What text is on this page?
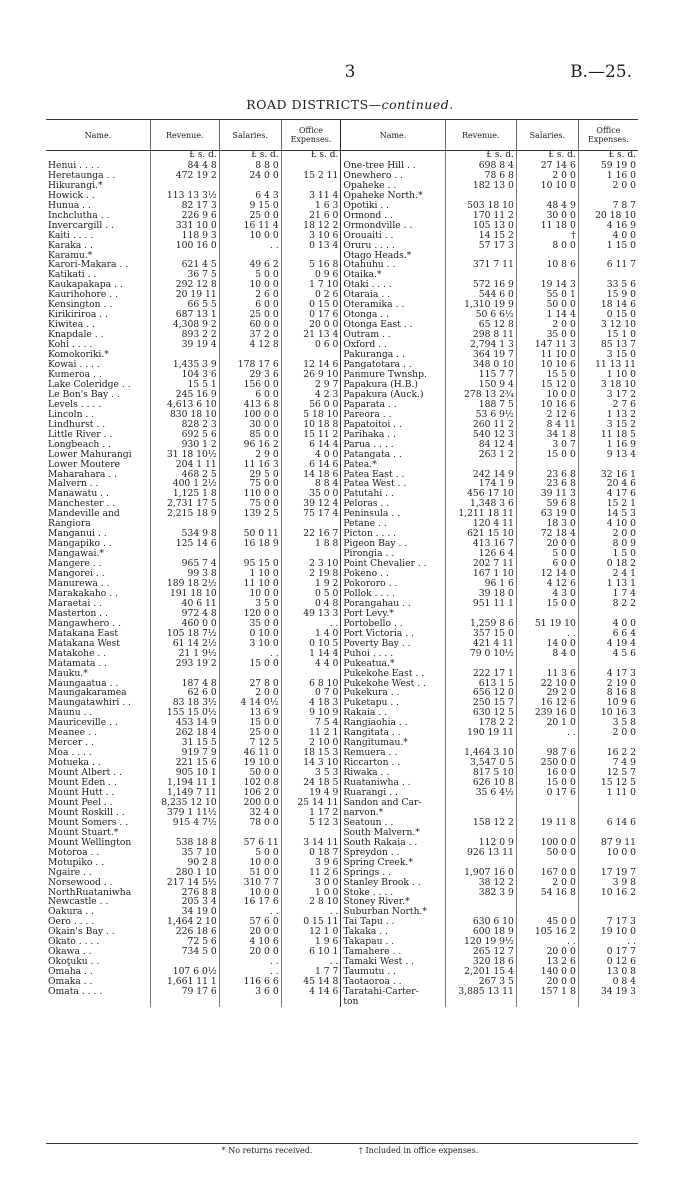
3	B.—25.
ROAD DISTRICTS—continued.
Name.	Revenue.	Salaries.	Office Expenses.	Name.	Revenue.	Salaries.	Office Expenses.
	£ s. d.	£ s. d.	£ s. d.		£ s. d.	£ s. d.	£ s. d.
Henui . . . .	84 4 8	8 8 0		One-tree Hill . .	698 8 4	27 14 6	59 19 0
Heretaunga . .	472 19 2	24 0 0	15 2 11	Onewhero . .	78 6 8	2 0 0	1 16 0
Hikurangi.*				Opaheke . .	182 13 0	10 10 0	2 0 0
Howick . .	113 13 3½	6 4 3	3 11 4	Opaheke North.*			
Hunua . .	82 17 3	9 15 0	1 6 3	Opotiki . .	503 18 10	48 4 9	7 8 7
Inchclutha . .	226 9 6	25 0 0	21 6 0	Ormond . .	170 11 2	30 0 0	20 18 10
Invercargill . .	331 10 0	16 11 4	18 12 2	Ormondville . .	105 13 0	11 18 0	4 16 9
Kaiti . . . .	118 9 3	10 0 0	3 10 6	Orouaiti . .	14 15 2	†	4 0 0
Karaka . .	100 16 0	. .	0 13 4	Oruru . . . .	57 17 3	8 0 0	1 15 0
Karamu.*				Otago Heads.*			
Karori-Makara . .	621 4 5	49 6 2	5 16 8	Otahuhu . .	371 7 11	10 8 6	6 11 7
Katikati . .	36 7 5	5 0 0	0 9 6	Otaika.*			
Kaukapakapa . .	292 12 8	10 0 0	1 7 10	Otaki . . . .	572 16 9	19 14 3	33 5 6
Kaurihohore . .	20 19 11	2 6 0	0 2 6	Otaraia . .	544 6 0	55 0 1	15 9 0
Kensington . .	66 5 5	6 0 0	0 15 0	Oteramika . .	1,310 19 9	50 0 0	18 14 6
Kirikiriroa . .	687 13 1	25 0 0	0 17 6	Otonga . .	50 6 6½	1 14 4	0 15 0
Kiwitea . .	4,308 9 2	60 0 0	20 0 0	Otonga East . .	65 12 8	2 0 0	3 12 10
Knapdale . .	893 2 2	37 2 0	21 13 4	Outram . .	298 8 11	35 0 0	15 1 0
Kohi . . . .	39 19 4	4 12 8	0 6 0	Oxford . .	2,794 1 3	147 11 3	85 13 7
Komokoriki.*				Pakuranga . .	364 19 7	11 10 0	3 15 0
Kowai . . . .	1,435 3 9	178 17 6	12 14 6	Pangatotara . .	348 0 10	10 10 6	11 13 11
Kumeroa . .	104 3 6	29 3 6	26 9 10	Panmure Twnshp.	115 7 7	15 5 0	1 10 0
Lake Coleridge . .	15 5 1	156 0 0	2 9 7	Papakura (H.B.)	150 9 4	15 12 0	3 18 10
Le Bon's Bay . .	245 16 9	6 0 0	4 2 3	Papakura (Auck.)	278 13 2¾	10 0 0	3 17 2
Levels . . . .	4,613 6 10	413 6 8	56 0 0	Paparata . .	188 7 5	10 16 6	2 7 6
Lincoln . .	830 18 10	100 0 0	5 18 10	Pareora . .	53 6 9½	2 12 6	1 13 2
Lindhurst . .	828 2 3	30 0 0	10 18 8	Papatoitoi . .	260 11 2	8 4 11	3 15 2
Little River . .	692 5 6	85 0 0	15 11 2	Parihaka . .	540 12 3	34 1 8	11 18 5
Longbeach . .	930 1 2	96 16 2	6 14 4	Parua . . . .	84 12 4	3 0 7	1 16 9
Lower Mahurangi	31 18 10½	2 9 0	4 0 0	Patangata . .	263 1 2	15 0 0	9 13 4
Lower Moutere	204 1 11	11 16 3	6 14 6	Patea.*			
Maharahara . .	468 2 5	29 5 0	14 18 6	Patea East . .	242 14 9	23 6 8	32 16 1
Malvern . .	400 1 2½	75 0 0	8 8 4	Patea West . .	174 1 9	23 6 8	20 4 6
Manawatu . .	1,125 1 8	110 0 0	35 0 0	Patutahi . .	456 17 10	39 11 3	4 17 6
Manchester . .	2,731 17 5	75 0 0	39 12 4	Peloras . .	1,348 3 6	59 6 8	15 2 1
Mandeville and	2,215 18 9	139 2 5	75 17 4	Peninsula . .	1,211 18 11	63 19 0	14 5 3
Rangiora				Petane . .	120 4 11	18 3 0	4 10 0
Manganui . .	534 9 8	50 0 11	22 16 7	Picton . . . .	621 15 10	72 18 4	2 0 0
Mangapiko . .	125 14 6	16 18 9	1 8 8	Pigeon Bay . .	413 16 7	20 0 0	8 0 9
Mangawai.*				Pirongia . .	126 6 4	5 0 0	1 5 0
Mangere . .	965 7 4	95 15 0	2 3 10	Point Chevalier . .	202 7 11	6 0 0	0 18 2
Mangorei . .	99 3 8	1 10 0	2 19 8	Pokeno . .	167 1 10	12 14 0	2 4 1
Manurewa . .	189 18 2½	11 10 0	1 9 2	Pokororo . .	96 1 6	4 12 6	1 13 1
Marakakaho . .	191 18 10	10 0 0	0 5 0	Pollok . . . .	39 18 0	4 3 0	1 7 4
Maraetai . .	40 6 11	3 5 0	0 4 8	Porangahau . .	951 11 1	15 0 0	8 2 2
Masterton . .	972 4 8	120 0 0	49 13 3	Port Levy.*			
Mangawhero . .	460 0 0	35 0 0	. .	Portobello . .	1,259 8 6	51 19 10	4 0 0
Matakana East	105 18 7½	0 10 0	1 4 0	Port Victoria . .	357 15 0	. .	6 6 4
Matakana West	61 14 2½	3 10 0	0 10 5	Poverty Bay . .	421 4 11	14 0 0	4 19 4
Matakohe . .	21 1 9½	. .	1 14 4	Puhoi . . . .	79 0 10½	8 4 0	4 5 6
Matamata . .	293 19 2	15 0 0	4 4 0	Pukeatua.*			
Mauku.*				Pukekohe East . .	222 17 1	11 3 6	4 17 3
Maungaatua . .	187 4 8	27 8 0	6 8 10	Pukekohe West . .	613 1 5	22 10 0	2 19 0
Maungakaramea	62 6 0	2 0 0	0 7 0	Pukekura . .	656 12 0	29 2 0	8 16 8
Maungatawhiri . .	83 18 3½	4 14 0½	4 18 3	Puketapu . .	250 15 7	16 12 6	10 9 6
Maunu . .	155 15 0½	13 6 9	9 10 9	Rakaia . .	630 12 5	239 16 0	10 16 3
Mauriceville . .	453 14 9	15 0 0	7 5 4	Rangiaohia . .	178 2 2	20 1 0	3 5 8
Meanee . .	262 18 4	25 0 0	11 2 1	Rangitata . .	190 19 11	. .	2 0 0
Mercer . .	31 15 5	7 12 5	2 10 0	Rangitumau.*			
Moa . . . .	919 7 9	46 11 0	18 15 3	Remuera . .	1,464 3 10	98 7 6	16 2 2
Motueka . .	221 15 6	19 10 0	14 3 10	Riccarton . .	3,547 0 5	250 0 0	7 4 9
Mount Albert . .	905 10 1	50 0 0	3 5 3	Riwaka . .	817 5 10	16 0 0	12 5 7
Mount Eden . .	1,194 11 1	102 0 8	24 18 5	Ruataniwha . .	626 10 8	15 0 0	15 12 5
Mount Hutt . .	1,149 7 11	106 2 0	19 4 9	Ruarangi . .	35 6 4½	0 17 6	1 11 0
Mount Peel . .	8,235 12 10	200 0 0	25 14 11	Sandon and Car-			
Mount Roskill . .	379 1 11½	32 4 0	1 17 2	narvon.*			
Mount Somers . .	915 4 7½	78 0 0	5 12 3	Seatoun . .	158 12 2	19 11 8	6 14 6
Mount Stuart.*				South Malvern.*			
Mount Wellington	538 18 8	57 6 11	3 14 11	South Rakaia . .	112 0 9	100 0 0	87 9 11
Motoroa . .	35 7 10	5 0 0	0 18 7	Spreydon . .	926 13 11	50 0 0	10 0 0
Motupiko . .	90 2 8	10 0 0	3 9 6	Spring Creek.*			
Ngaire . .	280 1 10	51 0 0	11 2 6	Springs . .	1,907 16 0	167 0 0	17 19 7
Norsewood . .	217 14 5½	310 7 7	3 0 0	Stanley Brook . .	38 12 2	2 0 0	3 9 8
NorthRuataniwha	276 8 8	10 0 0	1 0 0	Stoke . . . .	382 3 9	54 16 8	10 16 2
Newcastle . .	205 3 4	16 17 6	2 8 10	Stoney River.*			
Oakura . .	34 19 0	. .	. .	Suburban North.*			
Oero . . . .	1,464 2 10	57 6 0	0 15 11	Tai Tapu . .	630 6 10	45 0 0	7 17 3
Okain's Bay . .	226 18 6	20 0 0	12 1 0	Takaka . .	600 18 9	105 16 2	19 10 0
Okato . . . .	72 5 6	4 10 6	1 9 6	Takapau . .	120 19 9½	. .	. .
Okawa . .	734 5 0	20 0 0	6 10 1	Tamahere . .	265 12 7	20 0 0	0 17 7
Okoţuku . .		. .	. .	Tamaki West . .	320 18 6	13 2 6	0 12 6
Omaha . .	107 6 0½	. .	1 7 7	Taumutu . .	2,201 15 4	140 0 0	13 0 8
Omaka . .	1,661 11 1	116 6 6	45 14 8	Taotaoroa . .	267 3 5	20 0 0	0 8 4
Omata . . . .	79 17 6	3 6 0	4 14 6	Taratahi-Carter-	3,885 13 11	157 1 8	34 19 3
				ton			
* No returns received.	† Included in office expenses.
